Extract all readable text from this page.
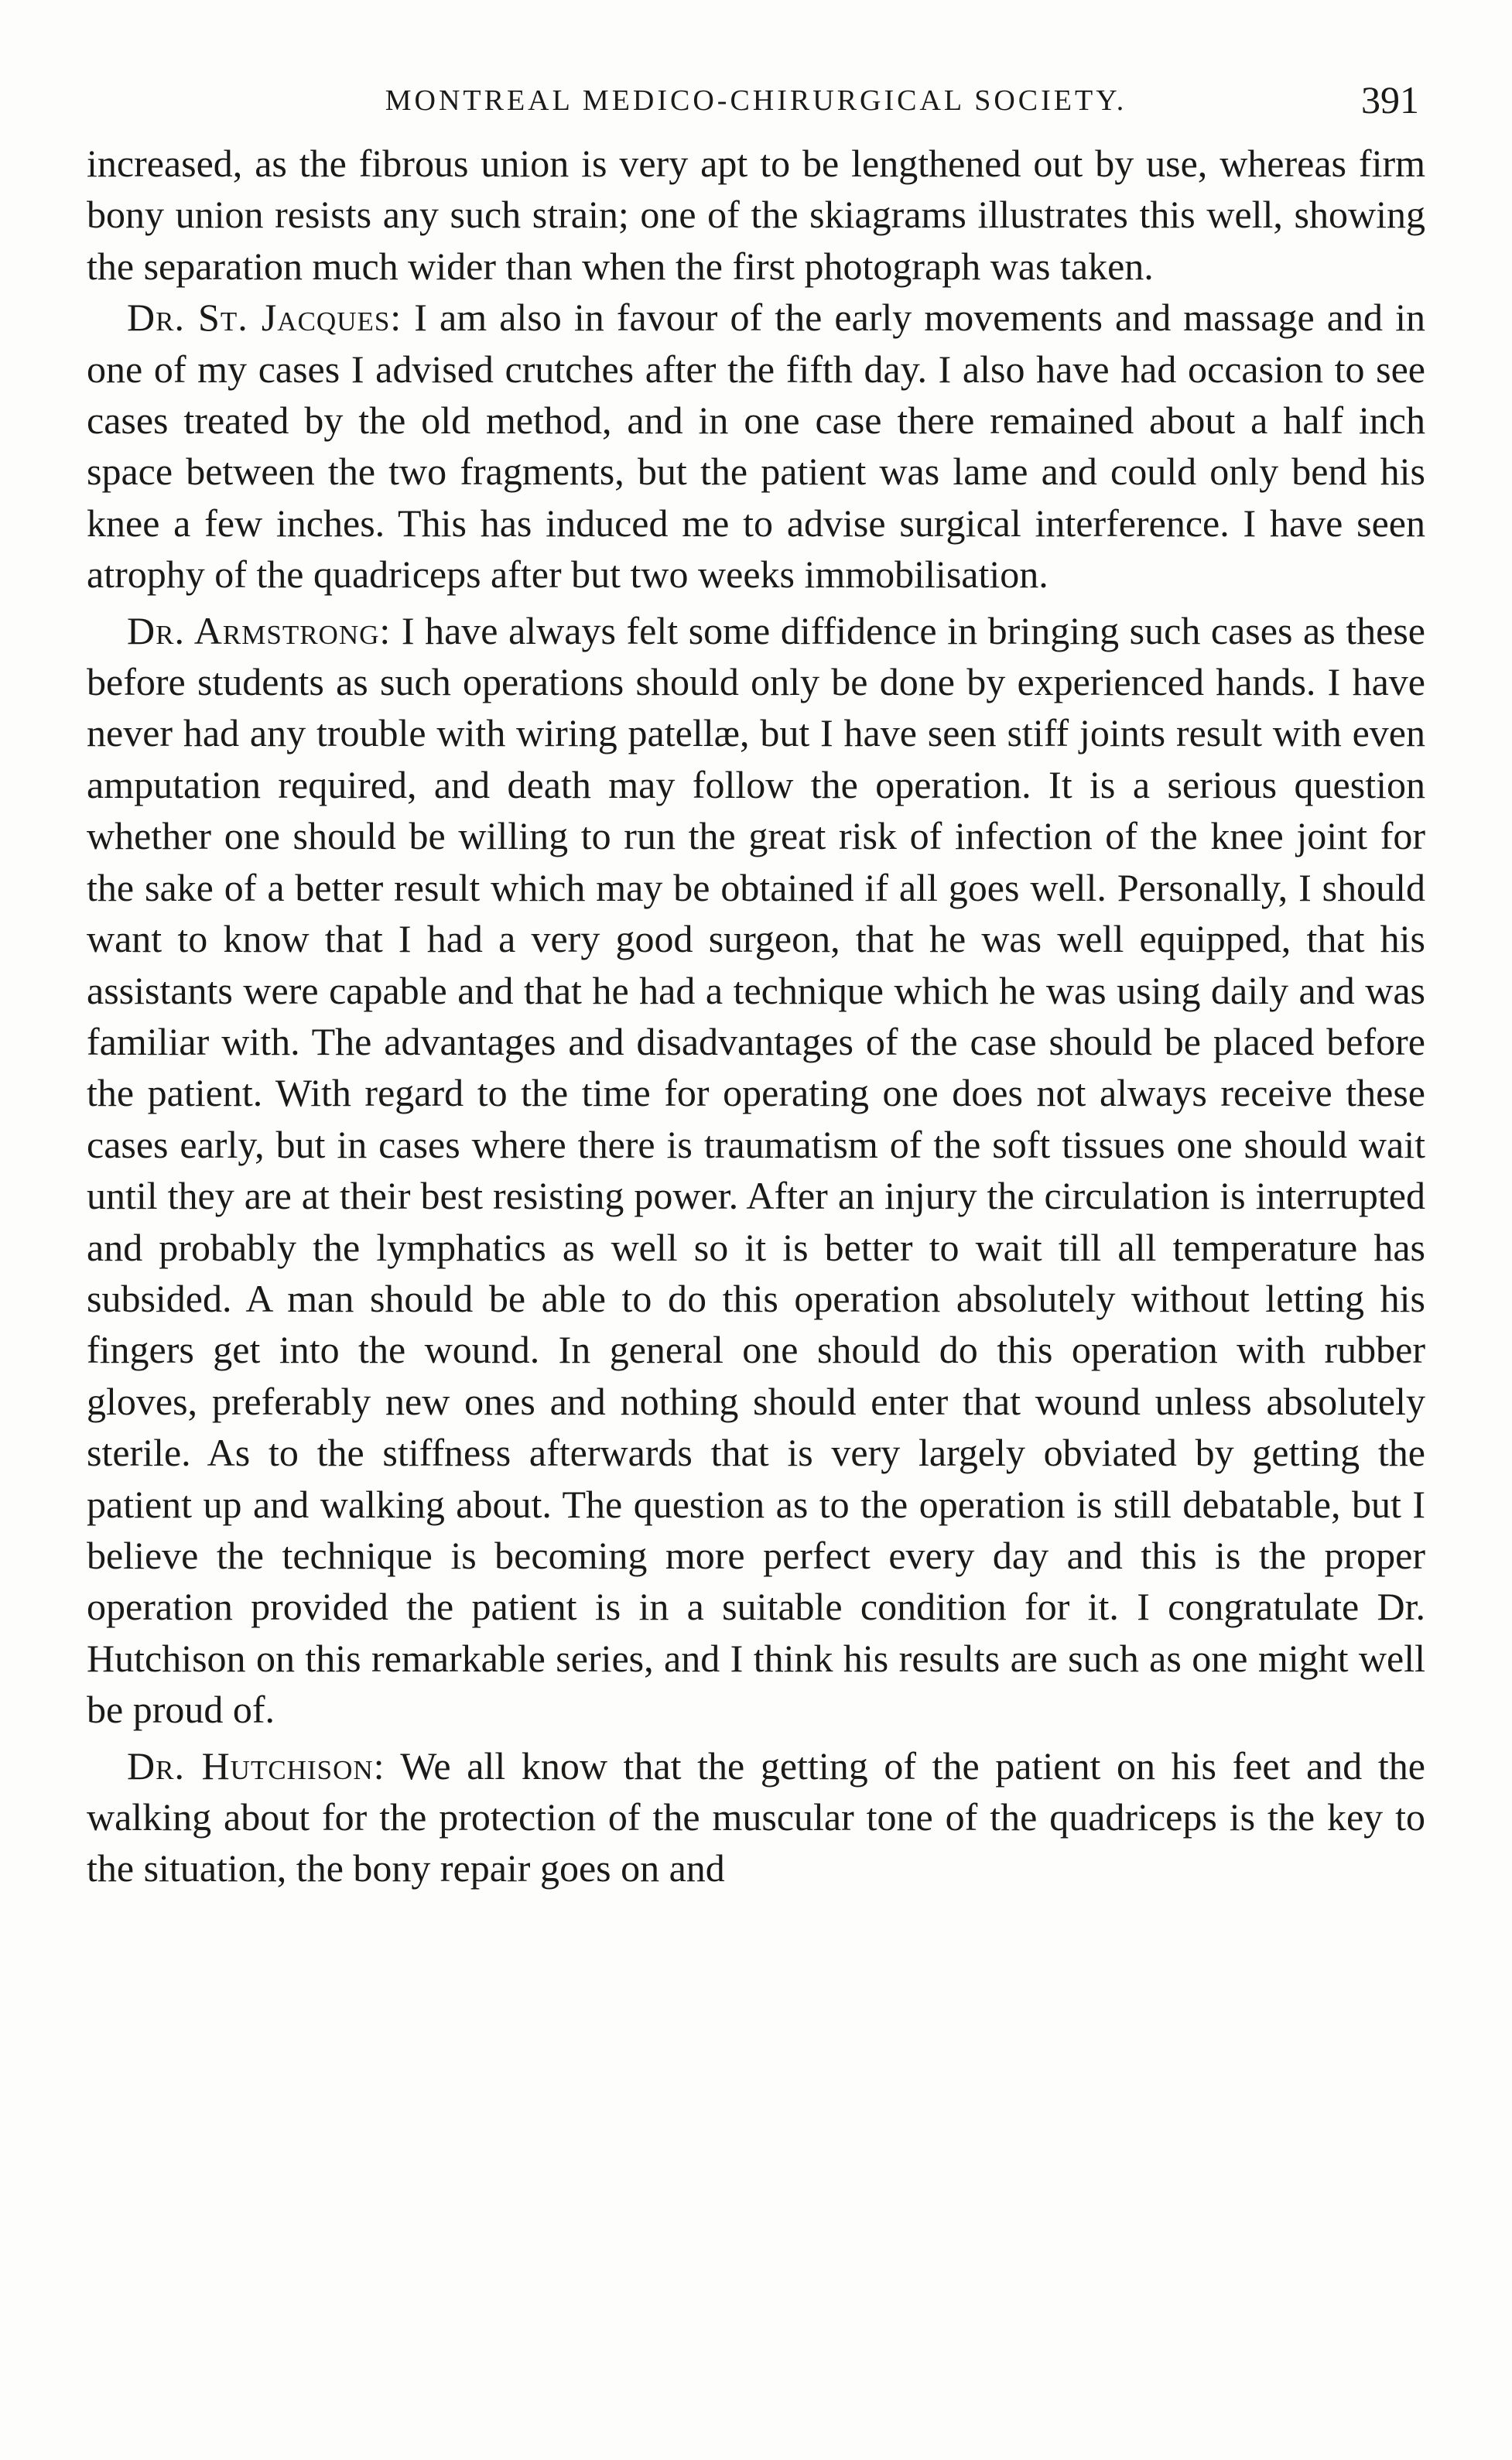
MONTREAL MEDICO-CHIRURGICAL SOCIETY.	391

increased, as the fibrous union is very apt to be lengthened out by use, whereas firm bony union resists any such strain; one of the skiagrams illustrates this well, showing the separation much wider than when the first photograph was taken.

Dr. St. Jacques: I am also in favour of the early movements and massage and in one of my cases I advised crutches after the fifth day. I also have had occasion to see cases treated by the old method, and in one case there remained about a half inch space between the two fragments, but the patient was lame and could only bend his knee a few inches. This has induced me to advise surgical interference. I have seen atrophy of the quadriceps after but two weeks immobilisation.

Dr. Armstrong: I have always felt some diffidence in bringing such cases as these before students as such operations should only be done by experienced hands. I have never had any trouble with wiring patellæ, but I have seen stiff joints result with even amputation required, and death may follow the operation. It is a serious question whether one should be willing to run the great risk of infection of the knee joint for the sake of a better result which may be obtained if all goes well. Personally, I should want to know that I had a very good surgeon, that he was well equipped, that his assistants were capable and that he had a technique which he was using daily and was familiar with. The advantages and disadvantages of the case should be placed before the patient. With regard to the time for operating one does not always receive these cases early, but in cases where there is traumatism of the soft tissues one should wait until they are at their best resisting power. After an injury the circulation is interrupted and probably the lymphatics as well so it is better to wait till all temperature has subsided. A man should be able to do this operation absolutely without letting his fingers get into the wound. In general one should do this operation with rubber gloves, preferably new ones and nothing should enter that wound unless absolutely sterile. As to the stiffness afterwards that is very largely obviated by getting the patient up and walking about. The question as to the operation is still debatable, but I believe the technique is becoming more perfect every day and this is the proper operation provided the patient is in a suitable condition for it. I congratulate Dr. Hutchison on this remarkable series, and I think his results are such as one might well be proud of.

Dr. Hutchison: We all know that the getting of the patient on his feet and the walking about for the protection of the muscular tone of the quadriceps is the key to the situation, the bony repair goes on and
